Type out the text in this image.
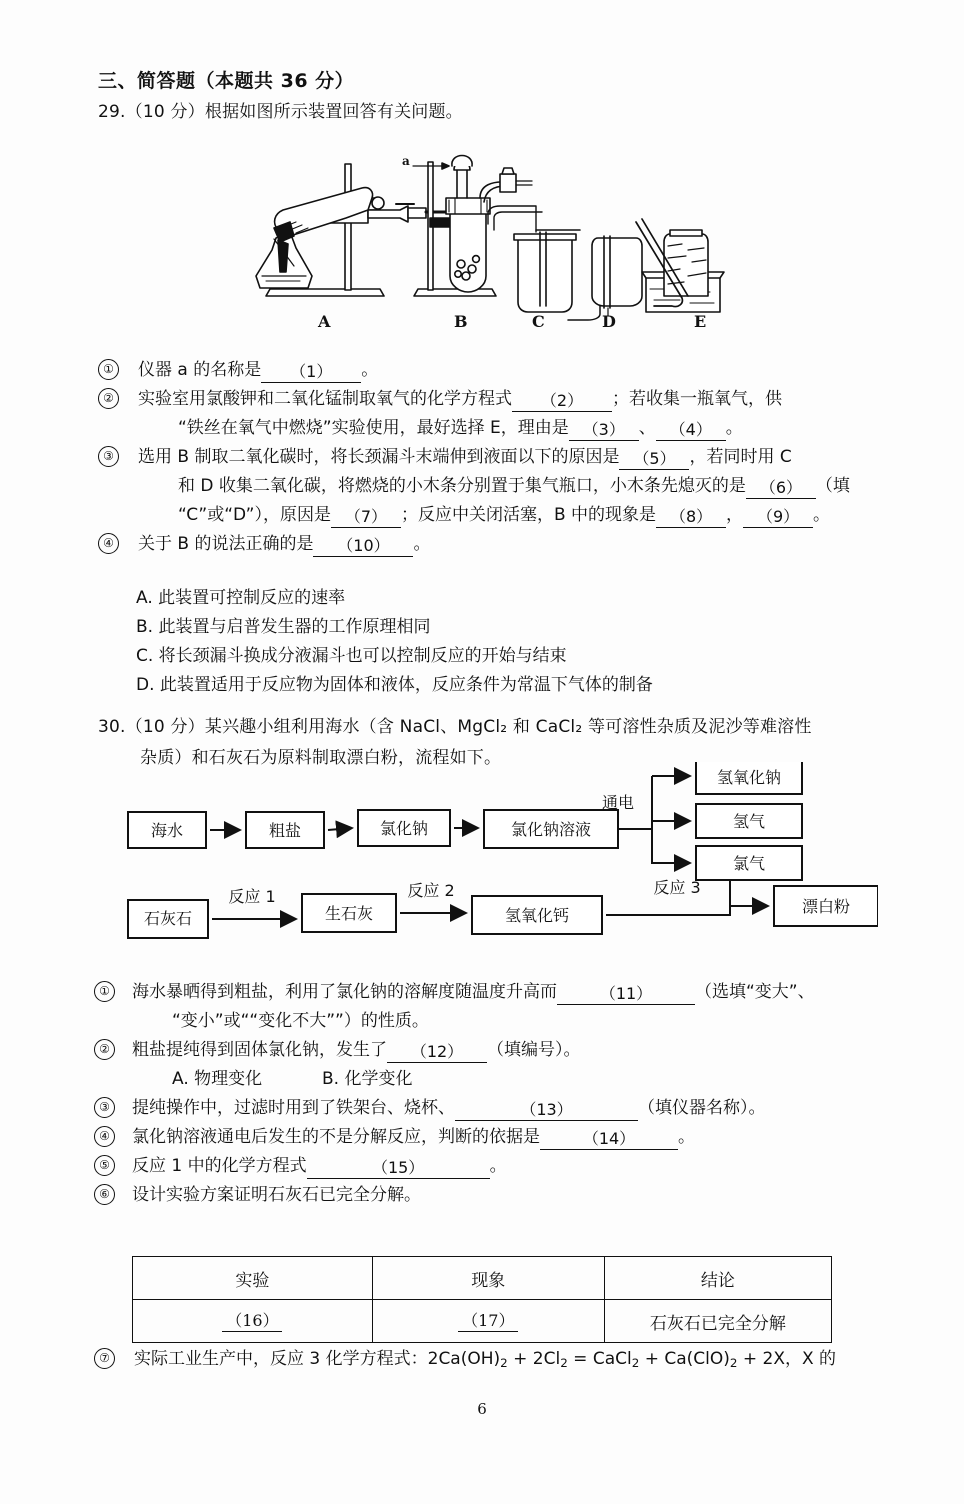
三、简答题（本题共 36 分）
29.（10 分）根据如图所示装置回答有关问题。
A	B	C	D	E
a
①	仪器 a 的名称是 （1） 。
②	实验室用氯酸钾和二氧化锰制取氧气的化学方程式 （2） ；若收集一瓶氧气，供
“铁丝在氧气中燃烧”实验使用，最好选择 E，理由是 （3） 、 （4） 。
③	选用 B 制取二氧化碳时，将长颈漏斗末端伸到液面以下的原因是 （5） ，若同时用 C
和 D 收集二氧化碳，将燃烧的小木条分别置于集气瓶口，小木条先熄灭的是 （6） （填
“C”或“D”），原因是 （7） ；反应中关闭活塞，B 中的现象是 （8） ， （9） 。
④	关于 B 的说法正确的是 （10） 。
A. 此装置可控制反应的速率
B. 此装置与启普发生器的工作原理相同
C. 将长颈漏斗换成分液漏斗也可以控制反应的开始与结束
D. 此装置适用于反应物为固体和液体，反应条件为常温下气体的制备
30.（10 分）某兴趣小组利用海水（含 NaCl、MgCl₂ 和 CaCl₂ 等可溶性杂质及泥沙等难溶性
杂质）和石灰石为原料制取漂白粉，流程如下。
海水	粗盐	氯化钠	氯化钠溶液
氢氧化钠
氢气
氯气
石灰石	生石灰	氢氧化钙	漂白粉
通电
反应 1	反应 2	反应 3
①	海水暴晒得到粗盐，利用了氯化钠的溶解度随温度升高而	（11）	（选填“变大”、
“变小”或““变化不大””）的性质。
②	粗盐提纯得到固体氯化钠，发生了 （12） （填编号）。
A. 物理变化	B. 化学变化
③	提纯操作中，过滤时用到了铁架台、烧杯、	（13）	（填仪器名称）。
④	氯化钠溶液通电后发生的不是分解反应，判断的依据是	（14）	。
⑤	反应 1 中的化学方程式	（15）	。
⑥	设计实验方案证明石灰石已完全分解。
实验	现象	结论
（16）	（17）	石灰石已完全分解
⑦	实际工业生产中，反应 3 化学方程式：$2Ca(OH)_2 + 2Cl_2$ = CaCl$_2$ + $Ca(ClO)_2 + 2X$，X 的
6
